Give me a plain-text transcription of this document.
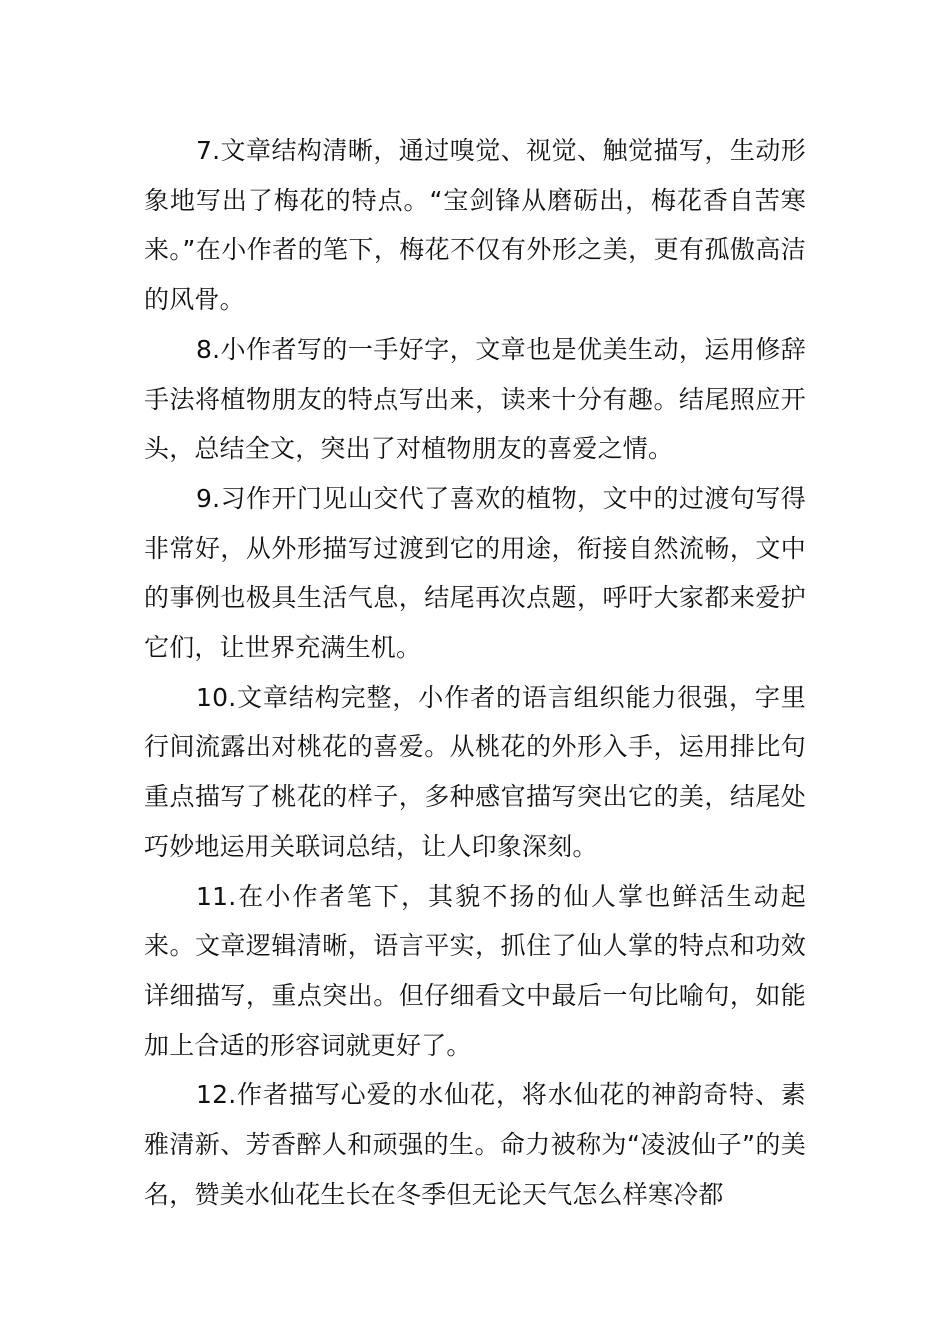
7.文章结构清晰，通过嗅觉、视觉、触觉描写，生动形象地写出了梅花的特点。“宝剑锋从磨砺出，梅花香自苦寒来。”在小作者的笔下，梅花不仅有外形之美，更有孤傲高洁的风骨。

8.小作者写的一手好字，文章也是优美生动，运用修辞手法将植物朋友的特点写出来，读来十分有趣。结尾照应开头，总结全文，突出了对植物朋友的喜爱之情。

9.习作开门见山交代了喜欢的植物，文中的过渡句写得非常好，从外形描写过渡到它的用途，衔接自然流畅，文中的事例也极具生活气息，结尾再次点题，呼吁大家都来爱护它们，让世界充满生机。

10.文章结构完整，小作者的语言组织能力很强，字里行间流露出对桃花的喜爱。从桃花的外形入手，运用排比句重点描写了桃花的样子，多种感官描写突出它的美，结尾处巧妙地运用关联词总结，让人印象深刻。

11.在小作者笔下，其貌不扬的仙人掌也鲜活生动起来。文章逻辑清晰，语言平实，抓住了仙人掌的特点和功效详细描写，重点突出。但仔细看文中最后一句比喻句，如能加上合适的形容词就更好了。

12.作者描写心爱的水仙花，将水仙花的神韵奇特、素雅清新、芳香醉人和顽强的生。命力被称为“凌波仙子”的美名，赞美水仙花生长在冬季但无论天气怎么样寒冷都
